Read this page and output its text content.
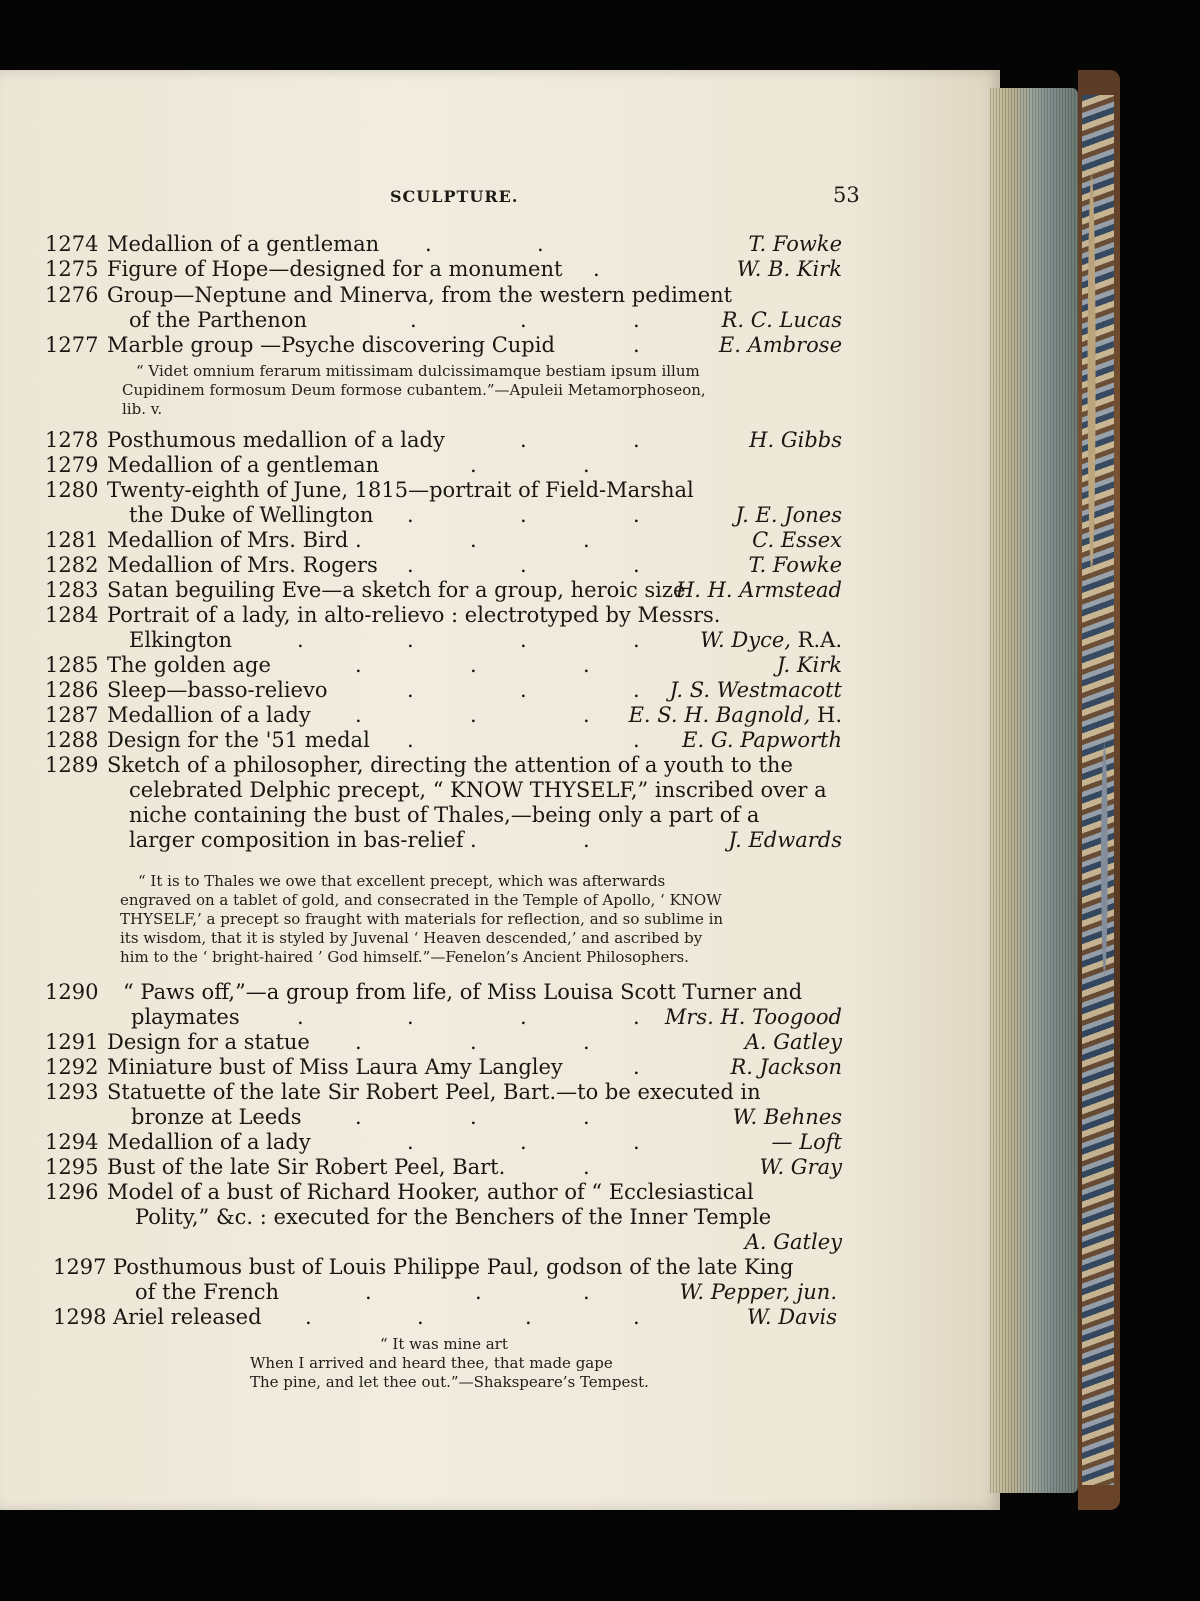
SCULPTURE.	53
1274 Medallion of a gentleman .	.	T. Fowke
1275 Figure of Hope—designed for a monument .	W. B. Kirk
1276 Group—Neptune and Minerva, from the western pediment
of the Parthenon	.	.	.	R. C. Lucas
1277 Marble group —Psyche discovering Cupid	.	E. Ambrose
“ Videt omnium ferarum mitissimam dulcissimamque bestiam ipsum illum
Cupidinem formosum Deum formose cubantem.”—Apuleii Metamorphoseon,
lib. v.
1278 Posthumous medallion of a lady	.	.	H. Gibbs
1279 Medallion of a gentleman	.	.
1280 Twenty-eighth of June, 1815—portrait of Field-Marshal
the Duke of Wellington .	.	.	J. E. Jones
1281 Medallion of Mrs. Bird .	.	.	C. Essex
1282 Medallion of Mrs. Rogers .	.	.	T. Fowke
1283 Satan beguiling Eve—a sketch for a group, heroic size
H. H. Armstead
1284 Portrait of a lady, in alto-relievo : electrotyped by Messrs.
Elkington	.	.	.	.	W. Dyce, R.A.
1285 The golden age	.	.	.	J. Kirk
1286 Sleep—basso-relievo	.	.	. J. S. Westmacott
1287 Medallion of a lady .	.	. E. S. H. Bagnold, H.
1288 Design for the '51 medal .	. E. G. Papworth
1289 Sketch of a philosopher, directing the attention of a youth to the
celebrated Delphic precept, “ KNOW THYSELF,” inscribed over a
niche containing the bust of Thales,—being only a part of a
larger composition in bas-relief .	.	J. Edwards
“ It is to Thales we owe that excellent precept, which was afterwards
engraved on a tablet of gold, and consecrated in the Temple of Apollo, ‘ KNOW
THYSELF,’ a precept so fraught with materials for reflection, and so sublime in
its wisdom, that it is styled by Juvenal ‘ Heaven descended,’ and ascribed by
him to the ‘ bright-haired ’ God himself.”—Fenelon’s Ancient Philosophers.
1290 “ Paws off,”—a group from life, of Miss Louisa Scott Turner and
playmates	.	.	.	. Mrs. H. Toogood
1291 Design for a statue .	.	.	A. Gatley
1292 Miniature bust of Miss Laura Amy Langley	.	R. Jackson
1293 Statuette of the late Sir Robert Peel, Bart.—to be executed in
bronze at Leeds	.	.	.	W. Behnes
1294 Medallion of a lady	.	.	.	— Loft
1295 Bust of the late Sir Robert Peel, Bart.	.	W. Gray
1296 Model of a bust of Richard Hooker, author of “ Ecclesiastical
Polity,” &c. : executed for the Benchers of the Inner Temple
A. Gatley
1297 Posthumous bust of Louis Philippe Paul, godson of the late King
of the French	.	.	.	W. Pepper, jun.
1298 Ariel released .	.	.	.	W. Davis
“ It was mine art
When I arrived and heard thee, that made gape
The pine, and let thee out.”—Shakspeare’s Tempest.
